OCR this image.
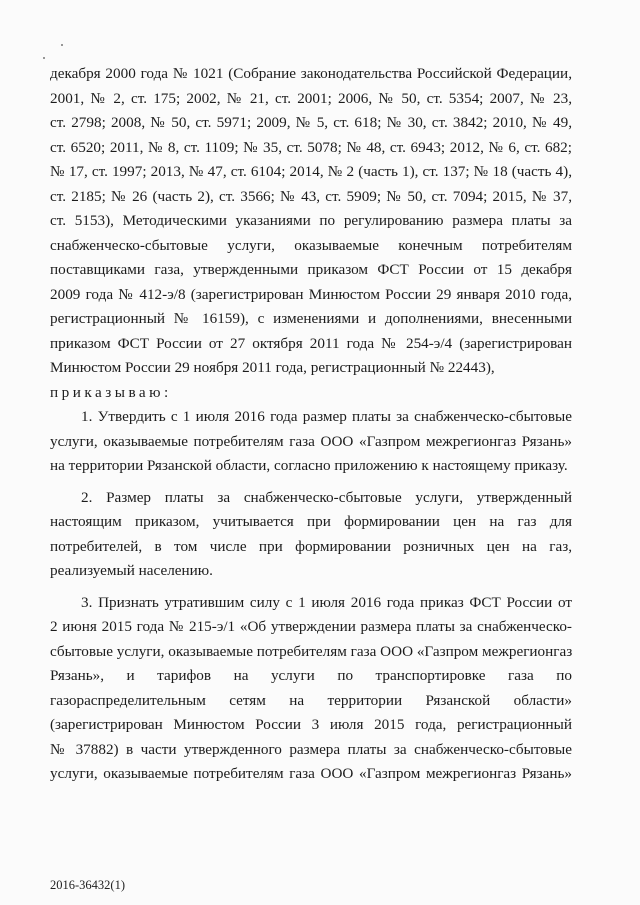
декабря 2000 года № 1021 (Собрание законодательства Российской Федерации,
2001, № 2, ст. 175; 2002, № 21, ст. 2001; 2006, № 50, ст. 5354; 2007, № 23,
ст. 2798; 2008, № 50, ст. 5971; 2009, № 5, ст. 618; № 30, ст. 3842; 2010, № 49,
ст. 6520; 2011, № 8, ст. 1109; № 35, ст. 5078; № 48, ст. 6943; 2012, № 6, ст. 682;
№ 17, ст. 1997; 2013, № 47, ст. 6104; 2014, № 2 (часть 1), ст. 137; № 18 (часть 4),
ст. 2185; № 26 (часть 2), ст. 3566; № 43, ст. 5909; № 50, ст. 7094; 2015, № 37,
ст. 5153), Методическими указаниями по регулированию размера платы за
снабженческо-сбытовые услуги, оказываемые конечным потребителям
поставщиками газа, утвержденными приказом ФСТ России от 15 декабря
2009 года № 412-э/8 (зарегистрирован Минюстом России 29 января 2010 года,
регистрационный № 16159), с изменениями и дополнениями, внесенными
приказом ФСТ России от 27 октября 2011 года № 254-э/4 (зарегистрирован
Минюстом России 29 ноября 2011 года, регистрационный № 22443),
приказываю:
1. Утвердить с 1 июля 2016 года размер платы за снабженческо-сбытовые
услуги, оказываемые потребителям газа ООО «Газпром межрегионгаз Рязань»
на территории Рязанской области, согласно приложению к настоящему приказу.
2. Размер платы за снабженческо-сбытовые услуги, утвержденный
настоящим приказом, учитывается при формировании цен на газ для
потребителей, в том числе при формировании розничных цен на газ,
реализуемый населению.
3. Признать утратившим силу с 1 июля 2016 года приказ ФСТ России от
2 июня 2015 года № 215-э/1 «Об утверждении размера платы за снабженческо-
сбытовые услуги, оказываемые потребителям газа ООО «Газпром межрегионгаз
Рязань», и тарифов на услуги по транспортировке газа по
газораспределительным сетям на территории Рязанской области»
(зарегистрирован Минюстом России 3 июля 2015 года, регистрационный
№ 37882) в части утвержденного размера платы за снабженческо-сбытовые
услуги, оказываемые потребителям газа ООО «Газпром межрегионгаз Рязань»
2016-36432(1)
